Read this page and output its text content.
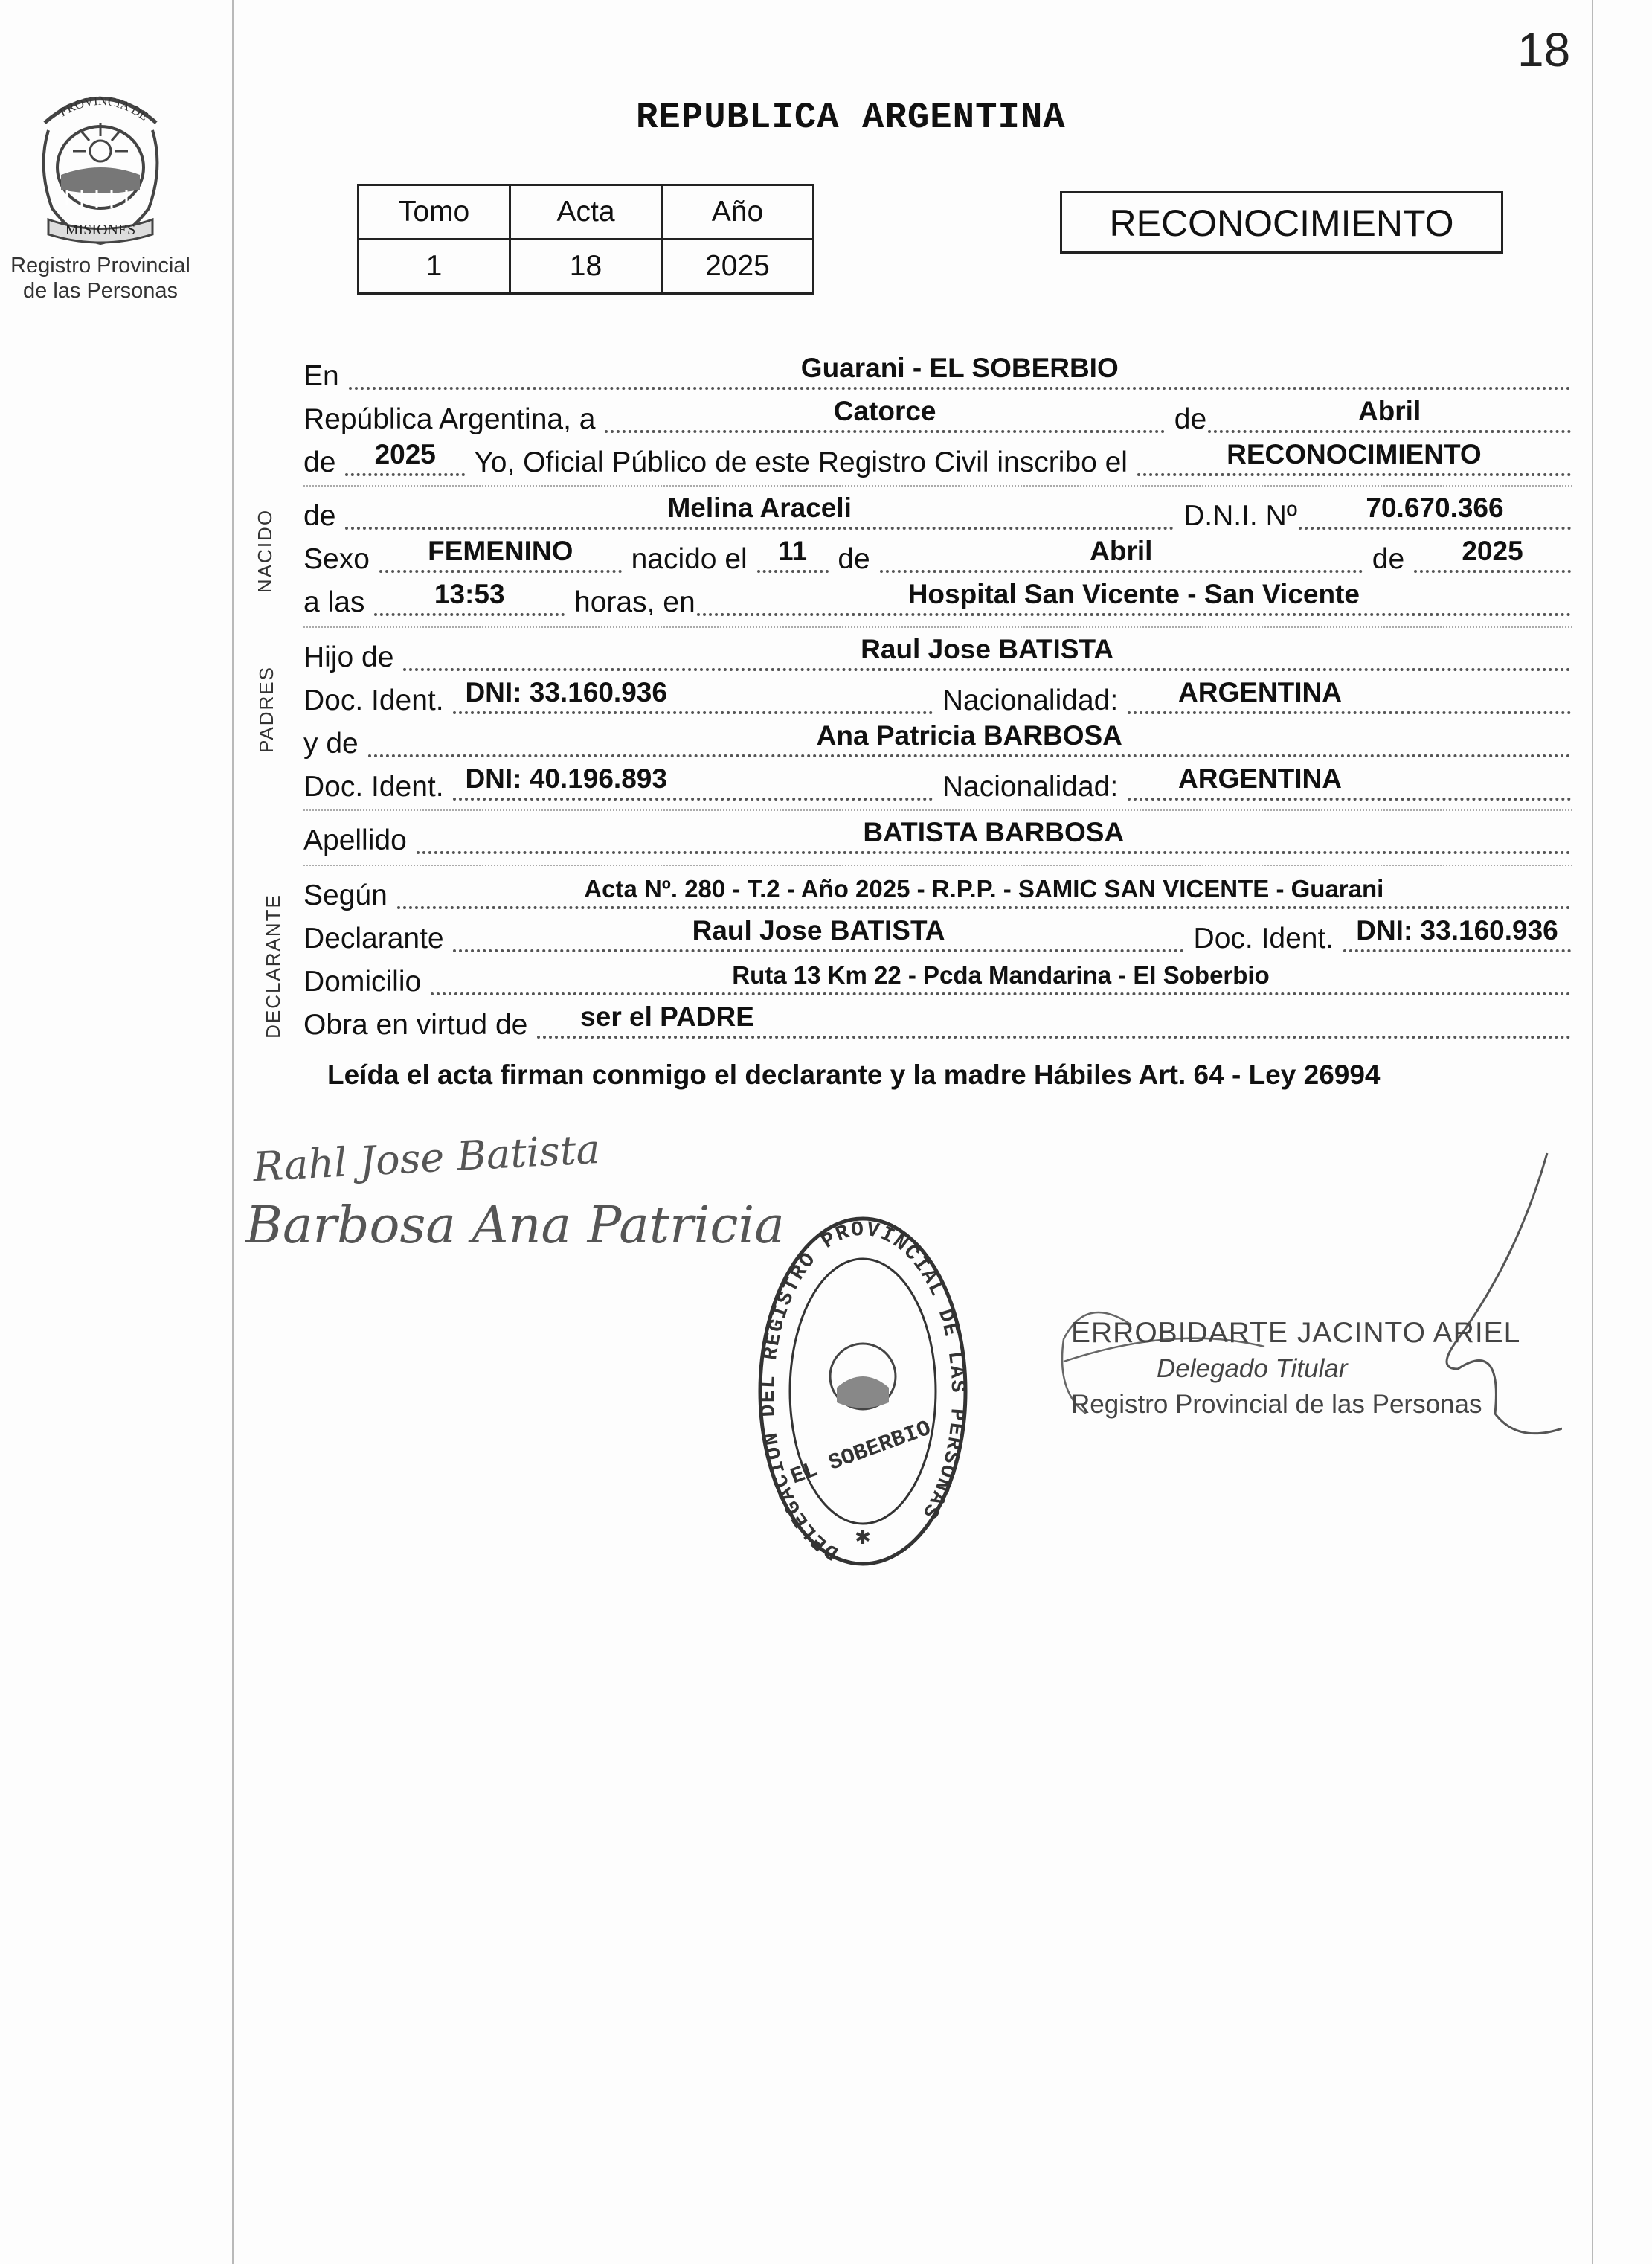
18
PROVINCIA DE
MISIONES
Registro Provincial
de las Personas
REPUBLICA ARGENTINA
Tomo	Acta	Año
1	18	2025
RECONOCIMIENTO
NACIDO
PADRES
DECLARANTE
En	Guarani - EL SOBERBIO
República Argentina, a	Catorce	de	Abril
de	2025	Yo, Oficial Público de este Registro Civil inscribo el	RECONOCIMIENTO
de	Melina Araceli	D.N.I. Nº	70.670.366
Sexo	FEMENINO	nacido el 11 de	Abril	de	2025
a las	13:53	horas, en	Hospital San Vicente - San Vicente
Hijo de	Raul Jose BATISTA
Doc. Ident. DNI: 33.160.936	Nacionalidad: ARGENTINA
y de	Ana Patricia BARBOSA
Doc. Ident. DNI: 40.196.893	Nacionalidad: ARGENTINA
Apellido	BATISTA BARBOSA
Según	Acta Nº. 280 - T.2 - Año 2025 - R.P.P. - SAMIC SAN VICENTE - Guarani
Declarante	Raul Jose BATISTA	Doc. Ident. DNI: 33.160.936
Domicilio	Ruta 13 Km 22 - Pcda Mandarina - El Soberbio
Obra en virtud de ser el PADRE
Leída el acta firman conmigo el declarante y la madre Hábiles Art. 64 - Ley 26994
Rahl Jose Batista
Barbosa Ana Patricia
DELEGACION DEL REGISTRO PROVINCIAL DE LAS PERSONAS
EL SOBERBIO
✱
ERROBIDARTE JACINTO ARIEL
Delegado Titular
Registro Provincial de las Personas
